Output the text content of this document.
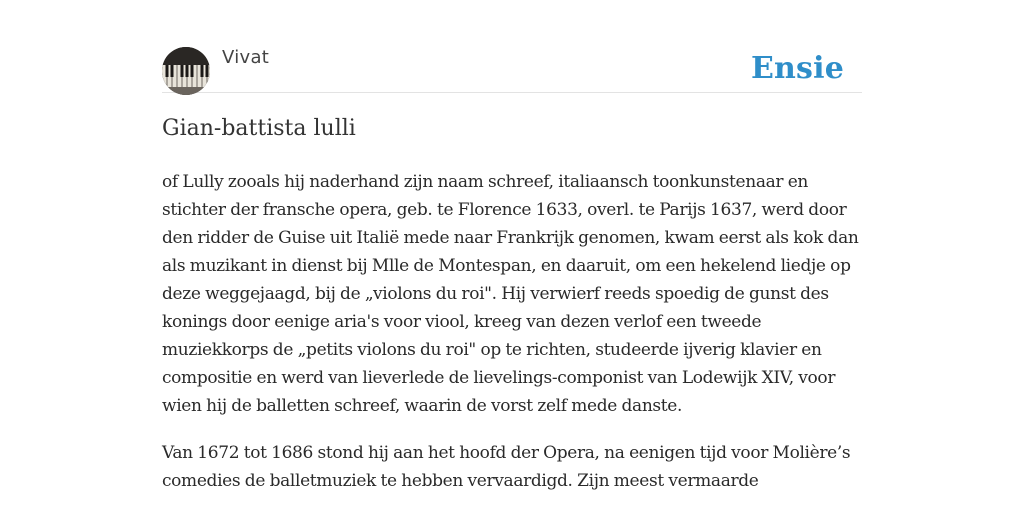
Vivat	Ensie
Gian-battista lulli

of Lully zooals hij naderhand zijn naam schreef, italiaansch toonkunstenaar en stichter der fransche opera, geb. te Florence 1633, overl. te Parijs 1637, werd door den ridder de Guise uit Italië mede naar Frankrijk genomen, kwam eerst als kok dan als muzikant in dienst bij Mlle de Montespan, en daaruit, om een hekelend liedje op deze weggejaagd, bij de „violons du roi". Hij verwierf reeds spoedig de gunst des konings door eenige aria's voor viool, kreeg van dezen verlof een tweede muziekkorps de „petits violons du roi" op te richten, studeerde ijverig klavier en compositie en werd van lieverlede de lievelings-componist van Lodewijk XIV, voor wien hij de balletten schreef, waarin de vorst zelf mede danste.

Van 1672 tot 1686 stond hij aan het hoofd der Opera, na eenigen tijd voor Molière’s comedies de balletmuziek te hebben vervaardigd. Zijn meest vermaarde
